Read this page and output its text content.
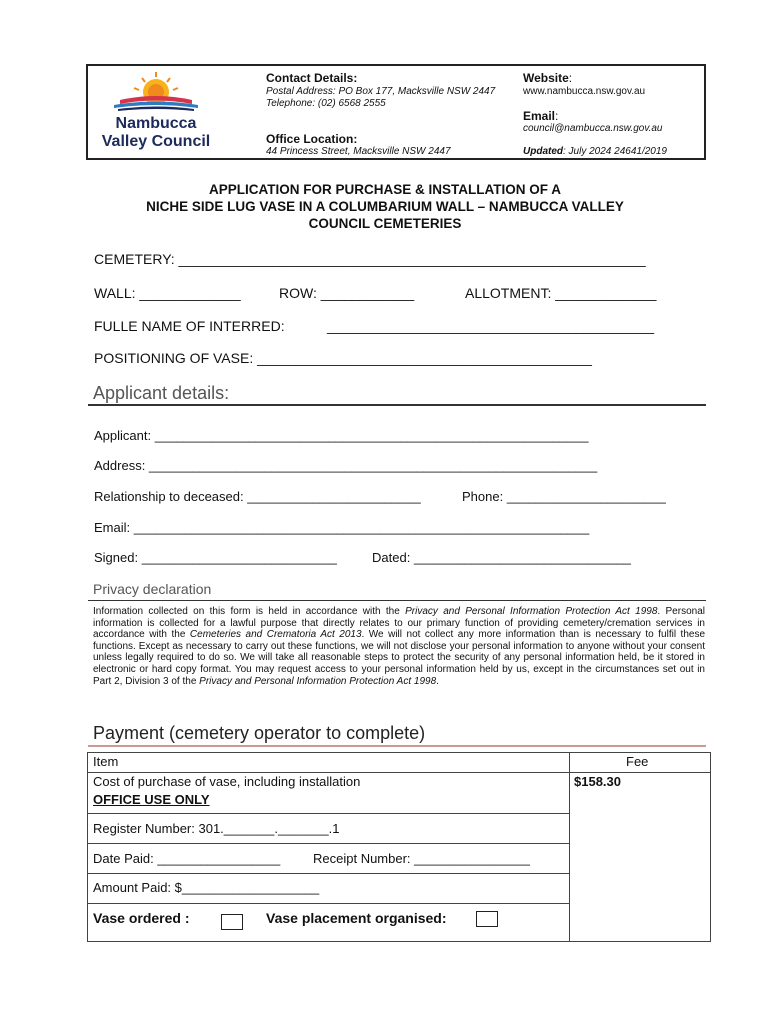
Nambucca
Valley Council
Contact Details:
Postal Address: PO Box 177, Macksville NSW 2447
Telephone: (02) 6568 2555
Office Location:
44 Princess Street, Macksville NSW 2447
Website:
www.nambucca.nsw.gov.au
Email:
council@nambucca.nsw.gov.au
Updated: July 2024 24641/2019
APPLICATION FOR PURCHASE & INSTALLATION OF A
NICHE SIDE LUG VASE IN A COLUMBARIUM WALL – NAMBUCCA VALLEY
COUNCIL CEMETERIES
CEMETERY: ____________________________________________________________
WALL: _____________	ROW: ____________	ALLOTMENT: _____________
FULLE NAME OF INTERRED:	__________________________________________
POSITIONING OF VASE: ___________________________________________
Applicant details:
Applicant: ____________________________________________________________
Address: ______________________________________________________________
Relationship to deceased: ________________________	Phone: ______________________
Email: _______________________________________________________________
Signed: ___________________________	Dated: ______________________________
Privacy declaration
Information collected on this form is held in accordance with the Privacy and Personal Information Protection Act 1998. Personal information is collected for a lawful purpose that directly relates to our primary function of providing cemetery/cremation services in accordance with the Cemeteries and Crematoria Act 2013. We will not collect any more information than is necessary to fulfil these functions. Except as necessary to carry out these functions, we will not disclose your personal information to anyone without your consent unless legally required to do so. We will take all reasonable steps to protect the security of any personal information held, be it stored in electronic or hard copy format. You may request access to your personal information held by us, except in the circumstances set out in Part 2, Division 3 of the Privacy and Personal Information Protection Act 1998.
Payment (cemetery operator to complete)
Item	Fee
Cost of purchase of vase, including installation	$158.30
OFFICE USE ONLY
Register Number: 301._______._______.1
Date Paid: _________________	Receipt Number: ________________
Amount Paid: $___________________
Vase ordered :	Vase placement organised:
